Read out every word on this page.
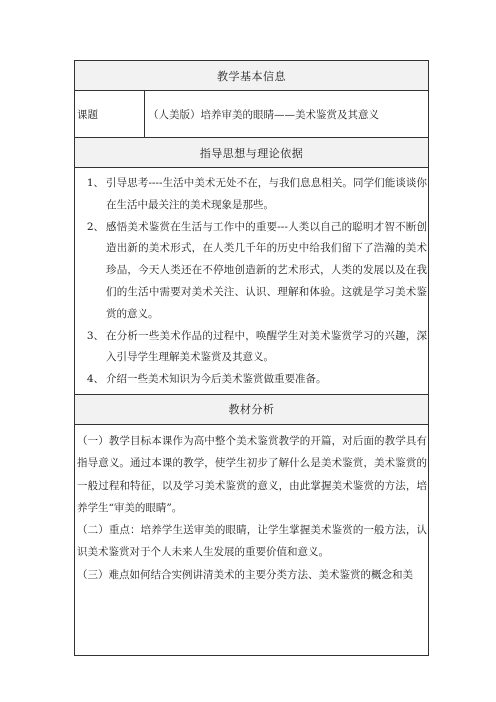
教学基本信息
课题	（人美版）培养审美的眼睛——美术鉴赏及其意义
指导思想与理论依据

1、 引导思考----生活中美术无处不在，与我们息息相关。同学们能谈谈你在生活中最关注的美术现象是那些。
2、 感悟美术鉴赏在生活与工作中的重要---人类以自己的聪明才智不断创造出新的美术形式，在人类几千年的历史中给我们留下了浩瀚的美术珍品，今天人类还在不停地创造新的艺术形式，人类的发展以及在我们的生活中需要对美术关注、认识、理解和体验。这就是学习美术鉴赏的意义。
3、 在分析一些美术作品的过程中，唤醒学生对美术鉴赏学习的兴趣，深入引导学生理解美术鉴赏及其意义。
4、 介绍一些美术知识为今后美术鉴赏做重要准备。

教材分析

（一）教学目标本课作为高中整个美术鉴赏教学的开篇，对后面的教学具有指导意义。通过本课的教学，使学生初步了解什么是美术鉴赏，美术鉴赏的一般过程和特征，以及学习美术鉴赏的意义，由此掌握美术鉴赏的方法，培养学生“审美的眼睛”。

（二）重点：培养学生送审美的眼睛，让学生掌握美术鉴赏的一般方法，认识美术鉴赏对于个人未来人生发展的重要价值和意义。

（三）难点如何结合实例讲清美术的主要分类方法、美术鉴赏的概念和美
